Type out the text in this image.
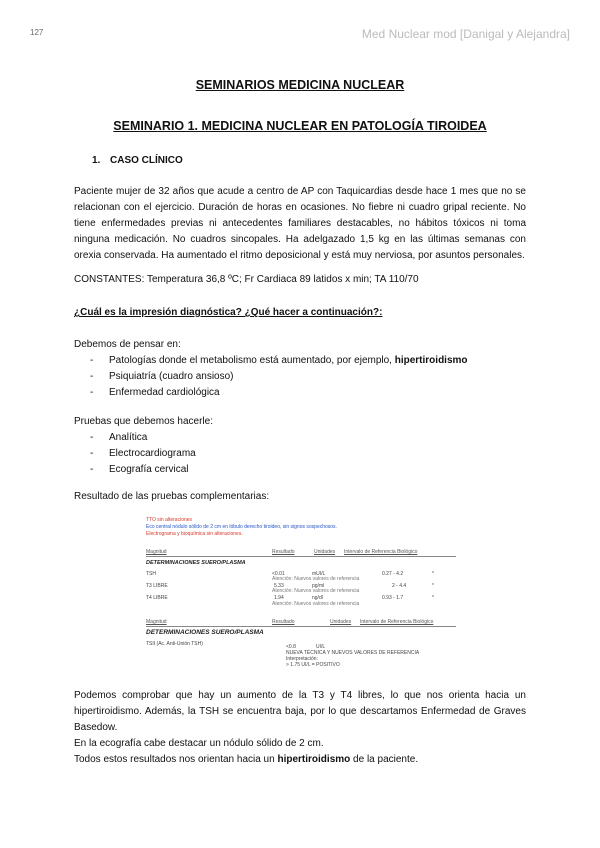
127	Med Nuclear mod [Danigal y Alejandra]
SEMINARIOS MEDICINA NUCLEAR
SEMINARIO 1. MEDICINA NUCLEAR EN PATOLOGÍA TIROIDEA
1. CASO CLÍNICO
Paciente mujer de 32 años que acude a centro de AP con Taquicardias desde hace 1 mes que no se relacionan con el ejercicio. Duración de horas en ocasiones. No fiebre ni cuadro gripal reciente. No tiene enfermedades previas ni antecedentes familiares destacables, no hábitos tóxicos ni toma ninguna medicación. No cuadros sincopales. Ha adelgazado 1,5 kg en las últimas semanas con orexia conservada. Ha aumentado el ritmo deposicional y está muy nerviosa, por asuntos personales.
CONSTANTES: Temperatura 36,8 ºC; Fr Cardiaca 89 latidos x min; TA 110/70
¿Cuál es la impresión diagnóstica? ¿Qué hacer a continuación?:
Debemos de pensar en:
- Patologías donde el metabolismo está aumentado, por ejemplo, hipertiroidismo
- Psiquiatría (cuadro ansioso)
- Enfermedad cardiológica
Pruebas que debemos hacerle:
- Analítica
- Electrocardiograma
- Ecografía cervical
Resultado de las pruebas complementarias:
TTO sin alteraciones
Eco central nódulo sólido de 2 cm en lóbulo derecho tiroideo, sin signos sospechosos.
Electrograma y bioquímica sin alteraciones.
Magnitud	Resultado	Unidades Intervalo de Referencia Biológico
DETERMINACIONES SUERO/PLASMA
TSH	<0.01	mUI/L	0.27 - 4.2	*
Atención: Nuevos valores de referencia
T3 LIBRE	5.33	pg/ml	2 - 4.4	*
Atención: Nuevos valores de referencia
T4 LIBRE	1.94	ng/dl	0.93 - 1.7	*
Atención: Nuevos valores de referencia
Magnitud	Resultado	Unidades Intervalo de Referencia Biológico
DETERMINACIONES SUERO/PLASMA
TSII (Ac. Anti-Unión TSH)	<0.8	UI/L
NUEVA TÉCNICA Y NUEVOS VALORES DE REFERENCIA
Interpretación:
> 1.75 UI/L = POSITIVO
Podemos comprobar que hay un aumento de la T3 y T4 libres, lo que nos orienta hacia un hipertiroidismo. Además, la TSH se encuentra baja, por lo que descartamos Enfermedad de Graves Basedow.
En la ecografía cabe destacar un nódulo sólido de 2 cm.
Todos estos resultados nos orientan hacia un hipertiroidismo de la paciente.
